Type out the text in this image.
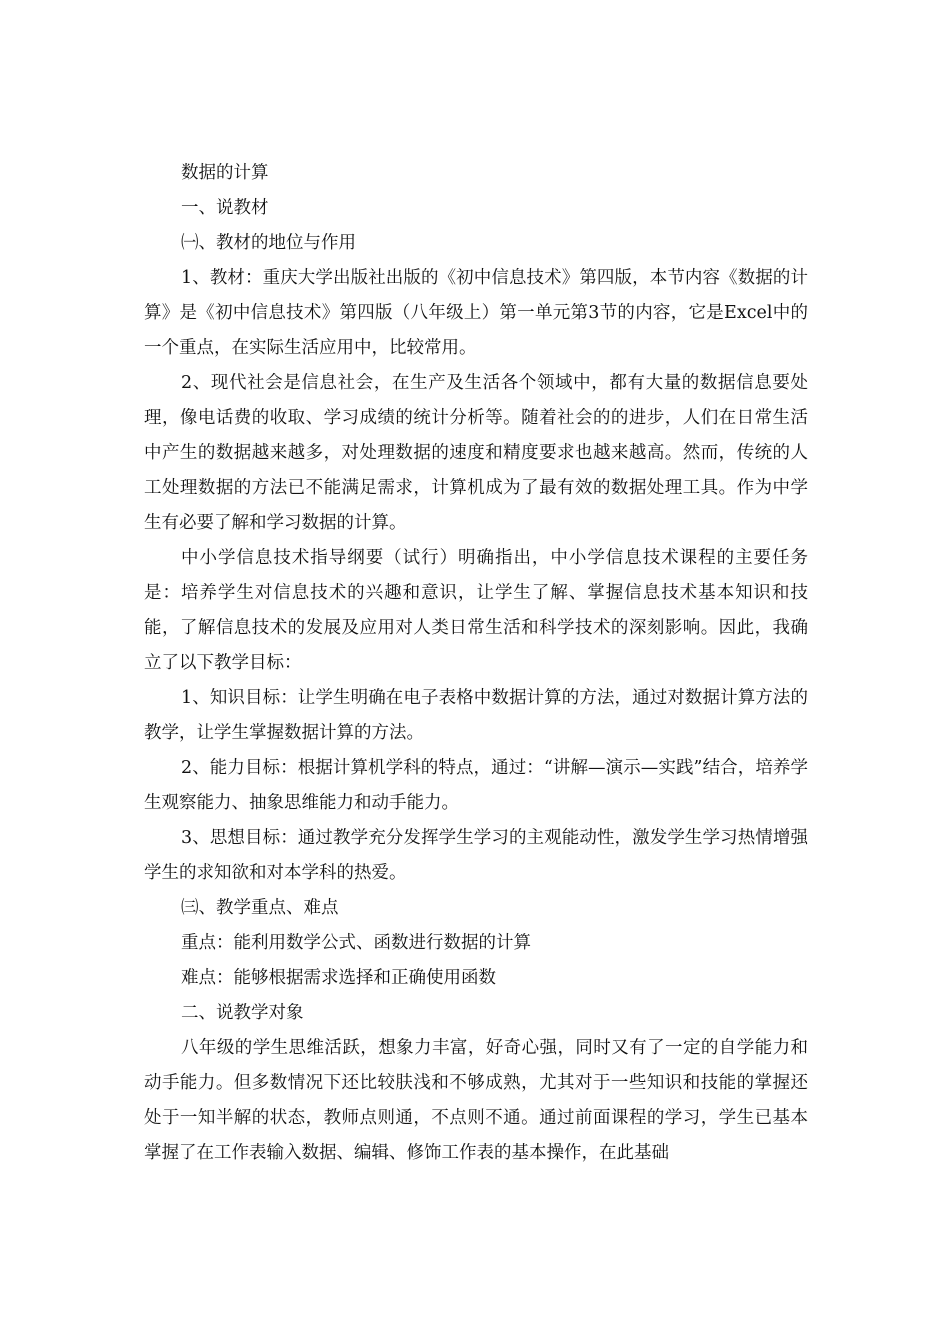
数据的计算

一、说教材

㈠、教材的地位与作用

1、教材：重庆大学出版社出版的《初中信息技术》第四版，本节内容《数据的计算》是《初中信息技术》第四版（八年级上）第一单元第3节的内容，它是Excel中的一个重点，在实际生活应用中，比较常用。

2、现代社会是信息社会，在生产及生活各个领域中，都有大量的数据信息要处理，像电话费的收取、学习成绩的统计分析等。随着社会的的进步，人们在日常生活中产生的数据越来越多，对处理数据的速度和精度要求也越来越高。然而，传统的人工处理数据的方法已不能满足需求，计算机成为了最有效的数据处理工具。作为中学生有必要了解和学习数据的计算。

中小学信息技术指导纲要（试行）明确指出，中小学信息技术课程的主要任务是：培养学生对信息技术的兴趣和意识，让学生了解、掌握信息技术基本知识和技能，了解信息技术的发展及应用对人类日常生活和科学技术的深刻影响。因此，我确立了以下教学目标：

1、知识目标：让学生明确在电子表格中数据计算的方法，通过对数据计算方法的教学，让学生掌握数据计算的方法。

2、能力目标：根据计算机学科的特点，通过：“讲解—演示—实践”结合，培养学生观察能力、抽象思维能力和动手能力。

3、思想目标：通过教学充分发挥学生学习的主观能动性，激发学生学习热情增强学生的求知欲和对本学科的热爱。

㈢、教学重点、难点

重点：能利用数学公式、函数进行数据的计算

难点：能够根据需求选择和正确使用函数

二、说教学对象

八年级的学生思维活跃，想象力丰富，好奇心强，同时又有了一定的自学能力和动手能力。但多数情况下还比较肤浅和不够成熟，尤其对于一些知识和技能的掌握还处于一知半解的状态，教师点则通，不点则不通。通过前面课程的学习，学生已基本掌握了在工作表输入数据、编辑、修饰工作表的基本操作，在此基础
